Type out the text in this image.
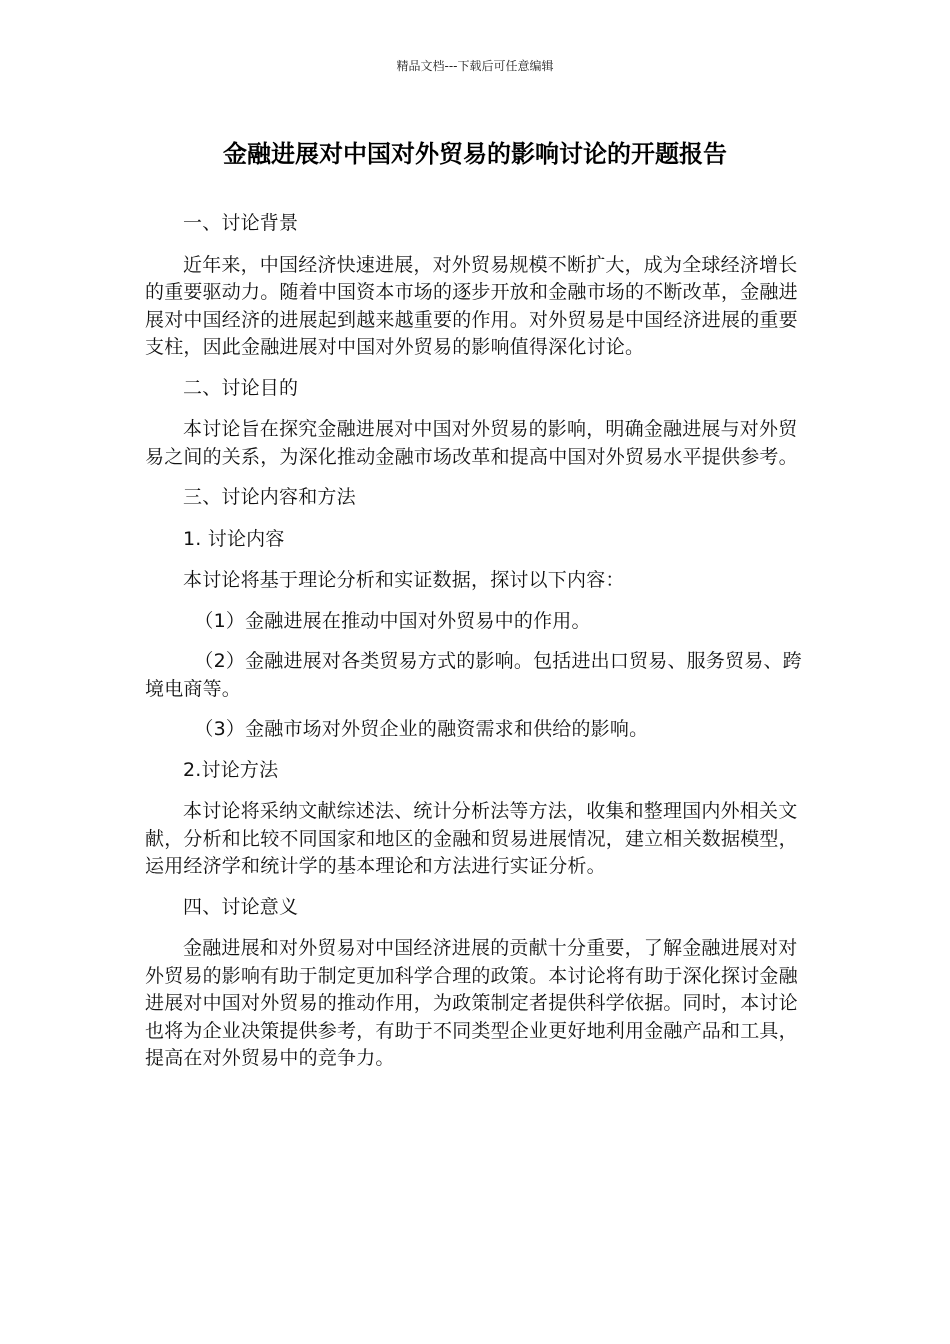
精品文档---下载后可任意编辑
金融进展对中国对外贸易的影响讨论的开题报告

一、讨论背景

近年来，中国经济快速进展，对外贸易规模不断扩大，成为全球经济增长的重要驱动力。随着中国资本市场的逐步开放和金融市场的不断改革，金融进展对中国经济的进展起到越来越重要的作用。对外贸易是中国经济进展的重要支柱，因此金融进展对中国对外贸易的影响值得深化讨论。

二、讨论目的

本讨论旨在探究金融进展对中国对外贸易的影响，明确金融进展与对外贸易之间的关系，为深化推动金融市场改革和提高中国对外贸易水平提供参考。

三、讨论内容和方法

1. 讨论内容

本讨论将基于理论分析和实证数据，探讨以下内容：

（1）金融进展在推动中国对外贸易中的作用。

（2）金融进展对各类贸易方式的影响。包括进出口贸易、服务贸易、跨境电商等。

（3）金融市场对外贸企业的融资需求和供给的影响。

2.讨论方法

本讨论将采纳文献综述法、统计分析法等方法，收集和整理国内外相关文献，分析和比较不同国家和地区的金融和贸易进展情况，建立相关数据模型，运用经济学和统计学的基本理论和方法进行实证分析。

四、讨论意义

金融进展和对外贸易对中国经济进展的贡献十分重要，了解金融进展对对外贸易的影响有助于制定更加科学合理的政策。本讨论将有助于深化探讨金融进展对中国对外贸易的推动作用，为政策制定者提供科学依据。同时，本讨论也将为企业决策提供参考，有助于不同类型企业更好地利用金融产品和工具，提高在对外贸易中的竞争力。
